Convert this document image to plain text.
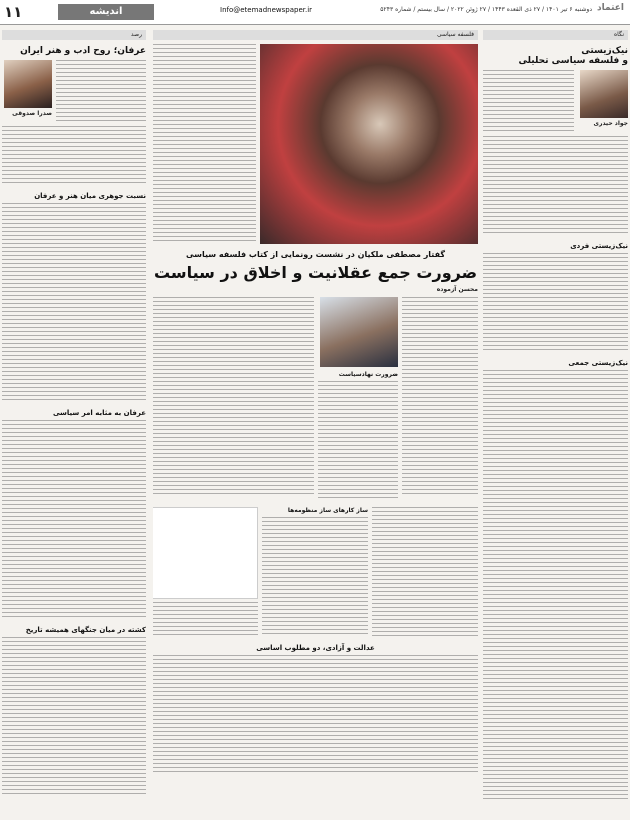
اعتماد
دوشنبه ۶ تیر ۱۴۰۱ / ۲۷ ذی القعده ۱۴۴۳ / ۲۷ ژوئن ۲۰۲۲ / سال بیستم / شماره ۵۲۴۳
Info@etemadnewspaper.ir
اندیشه
۱۱
نگاه
نیک‌زیستی
و فلسفه سیاسی تحلیلی
جواد حیدری
نیک‌زیستی فردی
نیک‌زیستی جمعی
فلسفه سیاسی
گفتار مصطفی ملکیان در نشست رونمایی از کتاب فلسفه سیاسی
ضرورت جمع عقلانیت و اخلاق در سیاست
محسن آزموده
ضرورت نهادسیاست
ساز کارهای ساز منظومه‌ها
عدالت و آزادی، دو مطلوب اساسی
رصد
عرفان؛ روح ادب و هنر ایران
صدرا صدوقی
نسبت جوهری میان هنر و عرفان
عرفان به مثابه امر سیاسی
کشته در میان جنگهای همیشه تاریخ
